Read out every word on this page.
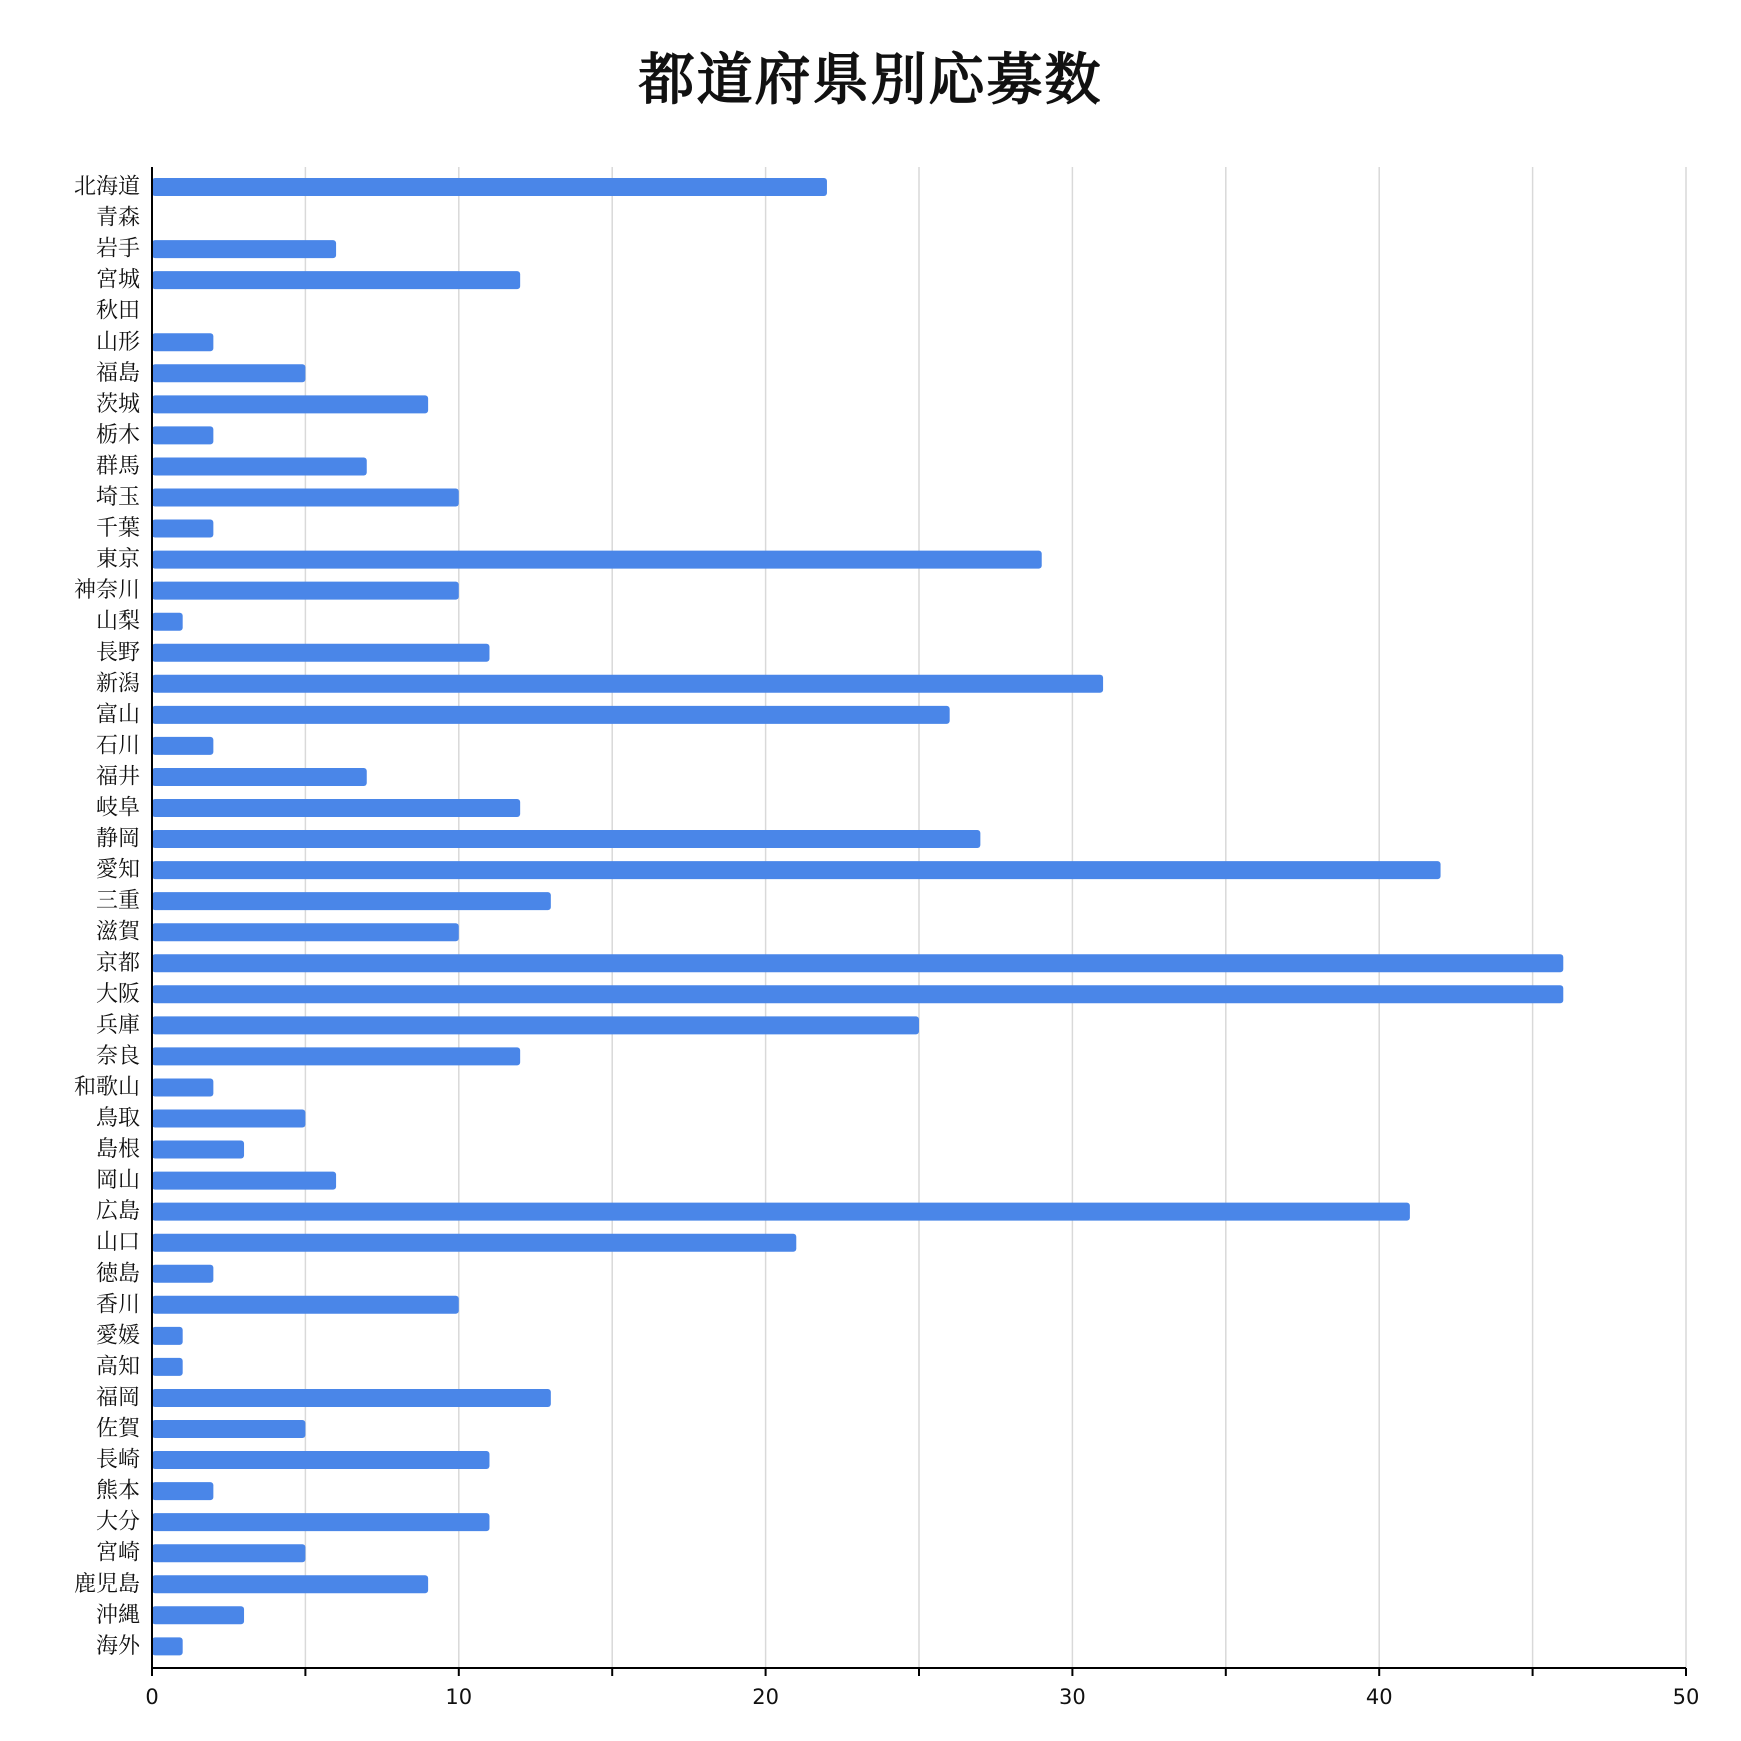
都道府県別応募数
0	10	20	30	40	50
北海道
青森
岩手
宮城
秋田
山形
福島
茨城
栃木
群馬
埼玉
千葉
東京
神奈川
山梨
長野
新潟
富山
石川
福井
岐阜
静岡
愛知
三重
滋賀
京都
大阪
兵庫
奈良
和歌山
鳥取
島根
岡山
広島
山口
徳島
香川
愛媛
高知
福岡
佐賀
長崎
熊本
大分
宮崎
鹿児島
沖縄
海外
